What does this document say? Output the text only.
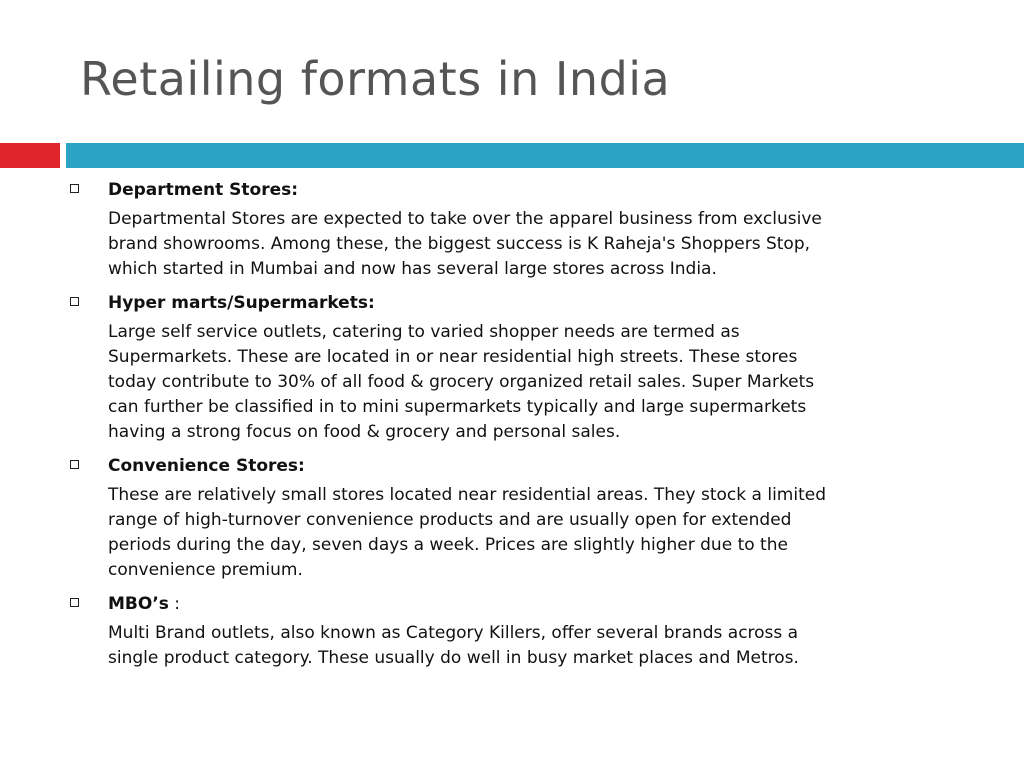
Retailing formats in India
Department Stores:
Departmental Stores are expected to take over the apparel business from exclusive
brand showrooms. Among these, the biggest success is K Raheja's Shoppers Stop,
which started in Mumbai and now has several large stores across India.
Hyper marts/Supermarkets:
Large self service outlets, catering to varied shopper needs are termed as
Supermarkets. These are located in or near residential high streets. These stores
today contribute to 30% of all food & grocery organized retail sales. Super Markets
can further be classified in to mini supermarkets typically and large supermarkets
having a strong focus on food & grocery and personal sales.
Convenience Stores:
These are relatively small stores located near residential areas. They stock a limited
range of high-turnover convenience products and are usually open for extended
periods during the day, seven days a week. Prices are slightly higher due to the
convenience premium.
MBO’s :
Multi Brand outlets, also known as Category Killers, offer several brands across a
single product category. These usually do well in busy market places and Metros.
